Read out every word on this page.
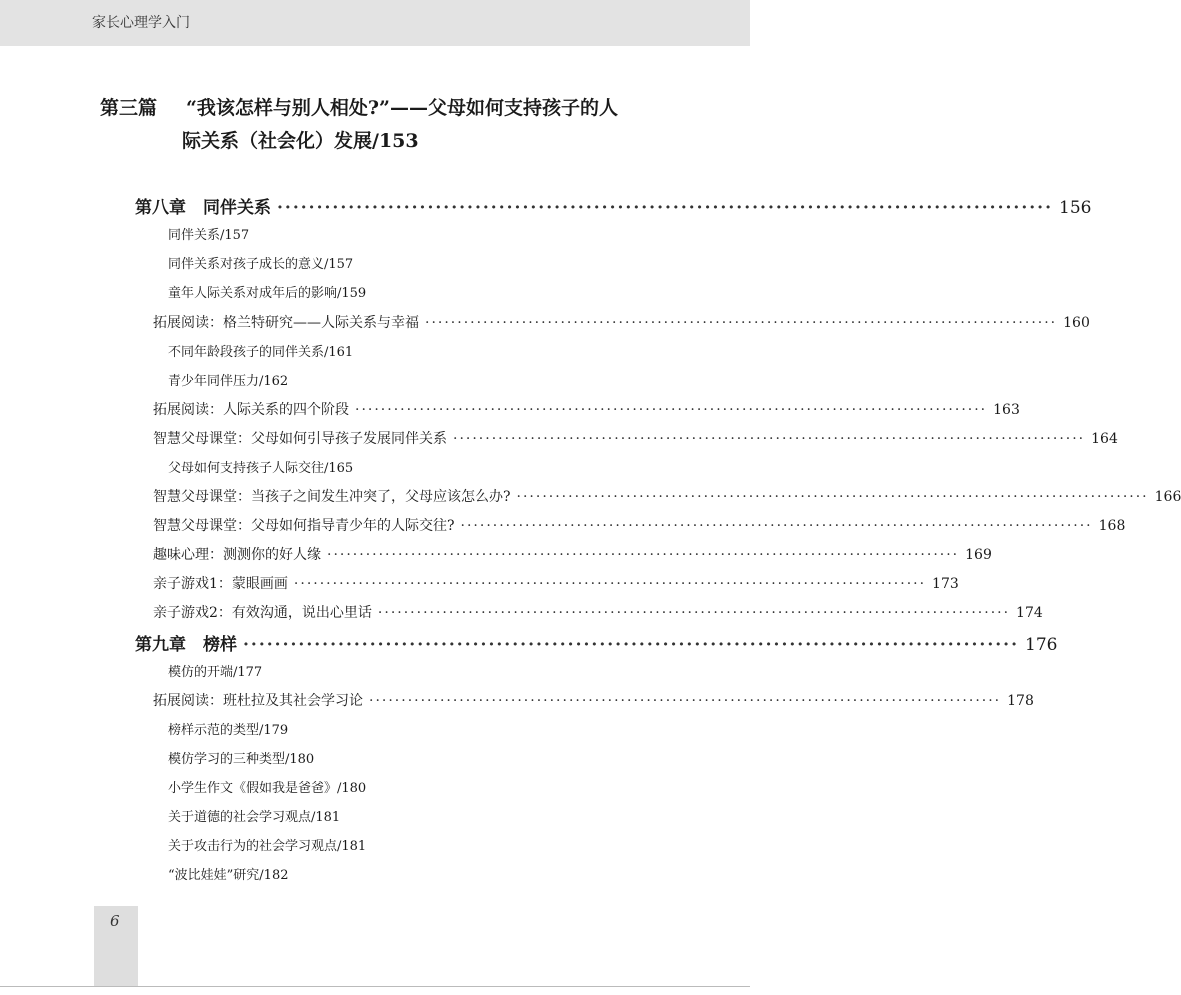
家长心理学入门
第三篇 “我该怎样与别人相处?”——父母如何支持孩子的人
际关系（社会化）发展/153
第八章　同伴关系 ·································································································· 156
同伴关系/157
同伴关系对孩子成长的意义/157
童年人际关系对成年后的影响/159
拓展阅读：格兰特研究——人际关系与幸福 ·································································································· 160
不同年龄段孩子的同伴关系/161
青少年同伴压力/162
拓展阅读：人际关系的四个阶段 ·································································································· 163
智慧父母课堂：父母如何引导孩子发展同伴关系 ·································································································· 164
父母如何支持孩子人际交往/165
智慧父母课堂：当孩子之间发生冲突了，父母应该怎么办? ·································································································· 166
智慧父母课堂：父母如何指导青少年的人际交往? ·································································································· 168
趣味心理：测测你的好人缘 ·································································································· 169
亲子游戏1：蒙眼画画 ·································································································· 173
亲子游戏2：有效沟通，说出心里话 ·································································································· 174
第九章　榜样 ·································································································· 176
模仿的开端/177
拓展阅读：班杜拉及其社会学习论 ·································································································· 178
榜样示范的类型/179
模仿学习的三种类型/180
小学生作文《假如我是爸爸》/180
关于道德的社会学习观点/181
关于攻击行为的社会学习观点/181
“波比娃娃”研究/182
6
